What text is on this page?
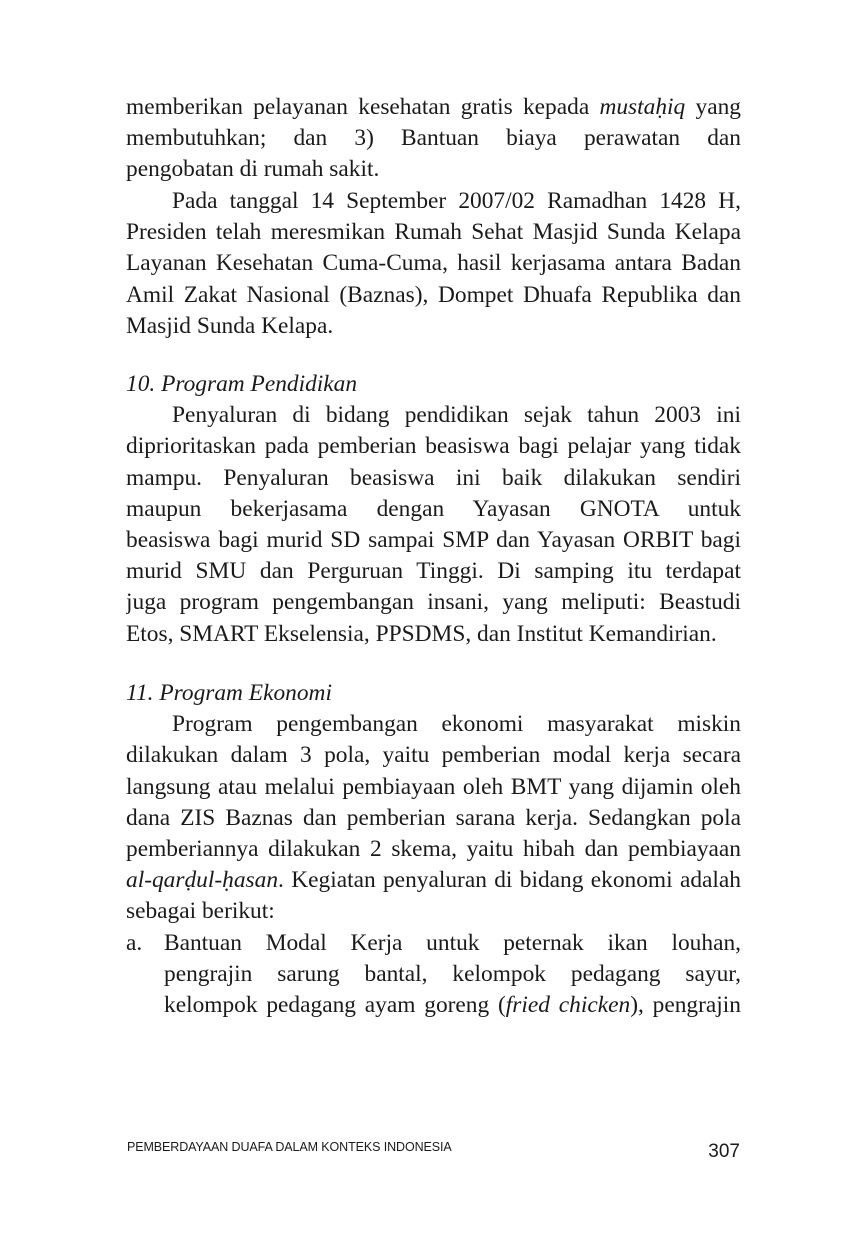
memberikan pelayanan kesehatan gratis kepada mustaḥiq yang
membutuhkan; dan 3) Bantuan biaya perawatan dan
pengobatan di rumah sakit.
Pada tanggal 14 September 2007/02 Ramadhan 1428 H,
Presiden telah meresmikan Rumah Sehat Masjid Sunda Kelapa
Layanan Kesehatan Cuma-Cuma, hasil kerjasama antara Badan
Amil Zakat Nasional (Baznas), Dompet Dhuafa Republika dan
Masjid Sunda Kelapa.
10. Program Pendidikan
Penyaluran di bidang pendidikan sejak tahun 2003 ini
diprioritaskan pada pemberian beasiswa bagi pelajar yang tidak
mampu. Penyaluran beasiswa ini baik dilakukan sendiri
maupun bekerjasama dengan Yayasan GNOTA untuk
beasiswa bagi murid SD sampai SMP dan Yayasan ORBIT bagi
murid SMU dan Perguruan Tinggi. Di samping itu terdapat
juga program pengembangan insani, yang meliputi: Beastudi
Etos, SMART Ekselensia, PPSDMS, dan Institut Kemandirian.
11. Program Ekonomi
Program pengembangan ekonomi masyarakat miskin
dilakukan dalam 3 pola, yaitu pemberian modal kerja secara
langsung atau melalui pembiayaan oleh BMT yang dijamin oleh
dana ZIS Baznas dan pemberian sarana kerja. Sedangkan pola
pemberiannya dilakukan 2 skema, yaitu hibah dan pembiayaan
al-qarḍul-ḥasan. Kegiatan penyaluran di bidang ekonomi adalah
sebagai berikut:
a. Bantuan Modal Kerja untuk peternak ikan louhan,
pengrajin sarung bantal, kelompok pedagang sayur,
kelompok pedagang ayam goreng (fried chicken), pengrajin
PEMBERDAYAAN DUAFA DALAM KONTEKS INDONESIA	307
